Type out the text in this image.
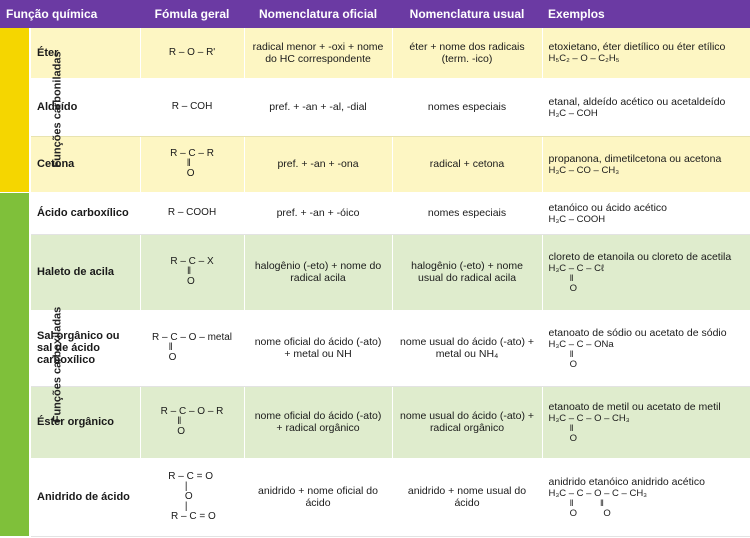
Função química		Fómula geral	Nomenclatura oficial	Nomenclatura usual	Exemplos
Funções carboniladas	Éter	R – O – R'	radical menor + -oxi + nome do HC correspondente	éter + nome dos radicais (term. -ico)	etoxietano, éter dietílico ou éter etílico
H₅C₂ – O – C₂H₅

	Aldeído	R – COH	pref. + -an + -al, -dial	nomes especiais	etanal, aldeído acético ou acetaldeído
H₃C – COH

	Cetona	R – C – R
‖
O	pref. + -an + -ona	radical + cetona	propanona, dimetilcetona ou acetona
H₃C – CO – CH₃

Funções carboxiladas	Ácido carboxílico	R – COOH	pref. + -an + -óico	nomes especiais	etanóico ou ácido acético
H₃C – COOH

	Haleto de acila	R – C – X
‖
O	halogênio (-eto) + nome do radical acila	halogênio (-eto) + nome usual do radical acila	cloreto de etanoila ou cloreto de acetila
H₃C – C – Cℓ
‖
O

	Sal orgânico ou sal de ácido carboxílico	R – C – O – metal
‖
O	nome oficial do ácido (-ato) + metal ou NH	nome usual do ácido (-ato) + metal ou NH₄	etanoato de sódio ou acetato de sódio
H₃C – C – ONa
‖
O

	Éster orgânico	R – C – O – R
‖
O	nome oficial do ácido (-ato) + radical orgânico	nome usual do ácido (-ato) + radical orgânico	etanoato de metil ou acetato de metil
H₃C – C – O – CH₃
‖
O

	Anidrido de ácido	R – C = O
|
O
|
R – C = O	anidrido + nome oficial do ácido	anidrido + nome usual do ácido	anidrido etanóico anidrido acético
H₃C – C – O – C – CH₃
‖          ‖
O          O
